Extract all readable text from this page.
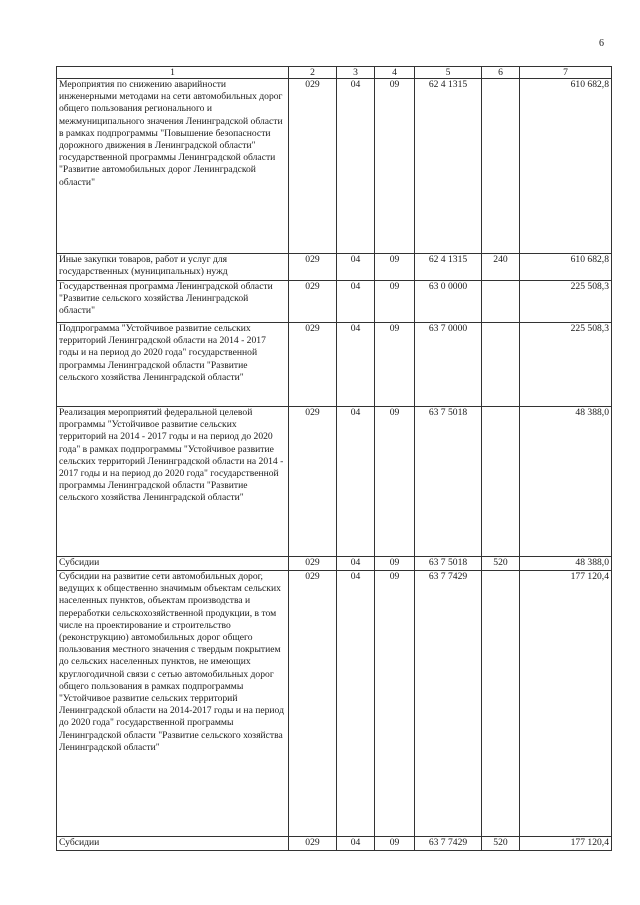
6
1	2	3	4	5	6	7
Мероприятия по снижению аварийности инженерными методами на сети автомобильных дорог общего пользования регионального и межмуниципального значения Ленинградской области в рамках подпрограммы "Повышение безопасности дорожного движения в Ленинградской области" государственной программы Ленинградской области "Развитие автомобильных дорог Ленинградской области"	029	04	09	62 4 1315		610 682,8
Иные закупки товаров, работ и услуг для государственных (муниципальных) нужд	029	04	09	62 4 1315	240	610 682,8
Государственная программа Ленинградской области "Развитие сельского хозяйства Ленинградской области"	029	04	09	63 0 0000		225 508,3
Подпрограмма "Устойчивое развитие сельских территорий Ленинградской области на 2014 - 2017 годы и на период до 2020 года" государственной программы Ленинградской области "Развитие сельского хозяйства Ленинградской области"	029	04	09	63 7 0000		225 508,3
Реализация мероприятий федеральной целевой программы "Устойчивое развитие сельских территорий на 2014 - 2017 годы и на период до 2020 года" в рамках подпрограммы "Устойчивое развитие сельских территорий Ленинградской области на 2014 - 2017 годы и на период до 2020 года" государственной программы Ленинградской области "Развитие сельского хозяйства Ленинградской области"	029	04	09	63 7 5018		48 388,0
Субсидии	029	04	09	63 7 5018	520	48 388,0
Субсидии на развитие сети автомобильных дорог, ведущих к общественно значимым объектам сельских населенных пунктов, объектам производства и переработки сельскохозяйственной продукции, в том числе на проектирование и строительство (реконструкцию) автомобильных дорог общего пользования местного значения с твердым покрытием до сельских населенных пунктов, не имеющих круглогодичной связи с сетью автомобильных дорог общего пользования в рамках подпрограммы "Устойчивое развитие сельских территорий Ленинградской области на 2014-2017 годы и на период до 2020 года" государственной программы Ленинградской области "Развитие сельского хозяйства Ленинградской области"	029	04	09	63 7 7429		177 120,4
Субсидии	029	04	09	63 7 7429	520	177 120,4
